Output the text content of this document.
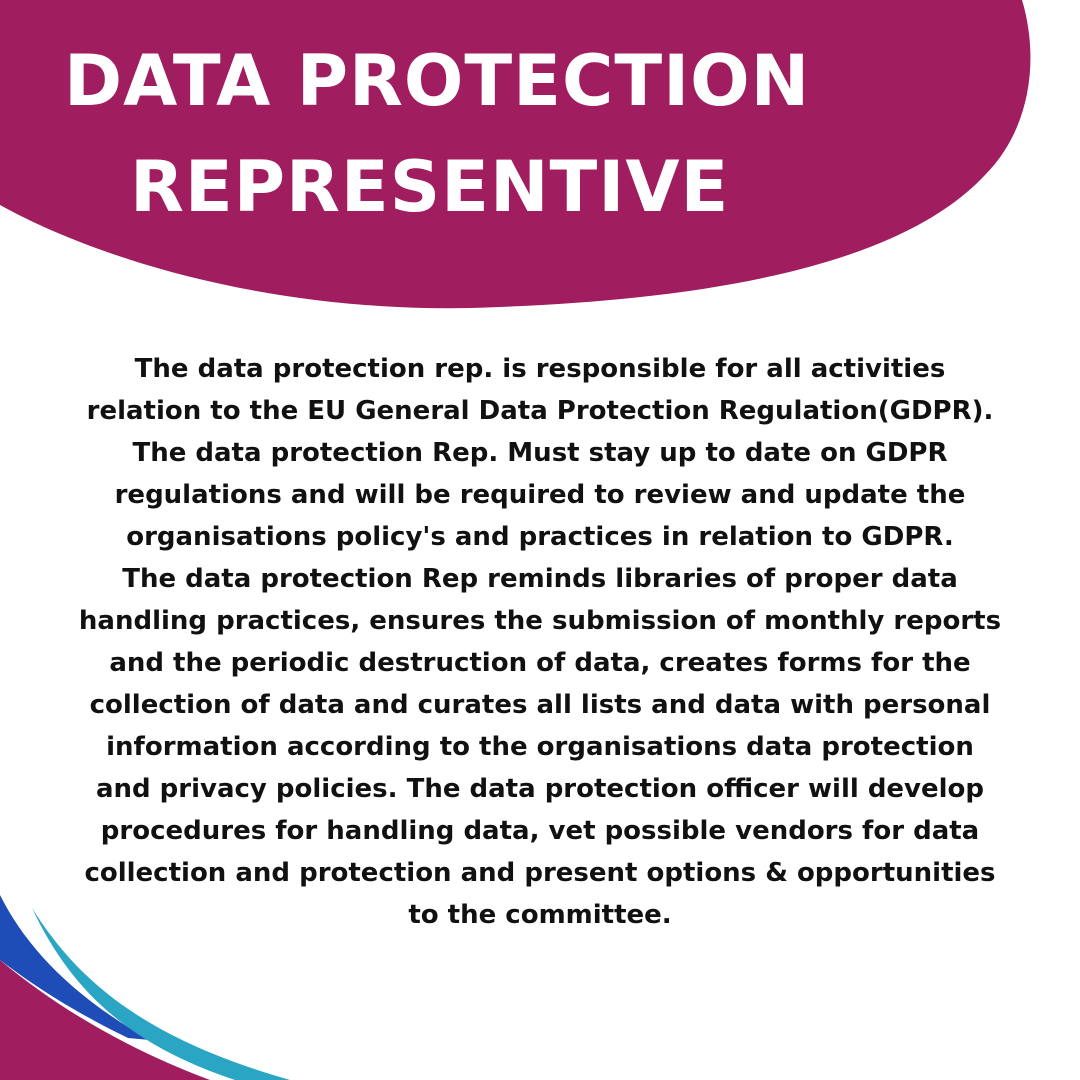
DATA PROTECTION
REPRESENTIVE

The data protection rep. is responsible for all activities
relation to the EU General Data Protection Regulation(GDPR).
The data protection Rep. Must stay up to date on GDPR
regulations and will be required to review and update the
organisations policy's and practices in relation to GDPR.
The data protection Rep reminds libraries of proper data
handling practices, ensures the submission of monthly reports
and the periodic destruction of data, creates forms for the
collection of data and curates all lists and data with personal
information according to the organisations data protection
and privacy policies. The data protection officer will develop
procedures for handling data, vet possible vendors for data
collection and protection and present options & opportunities
to the committee.
